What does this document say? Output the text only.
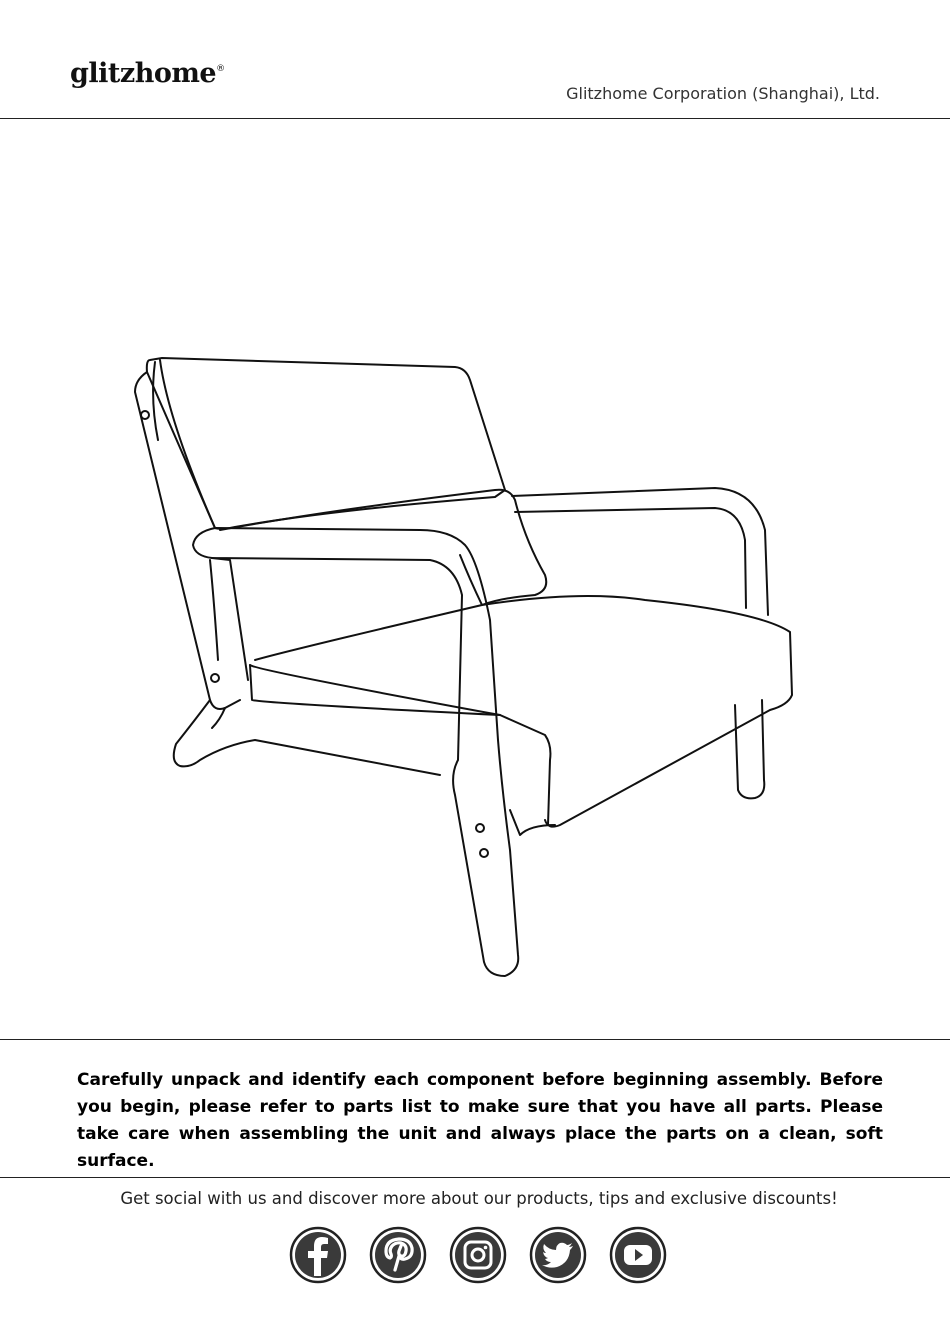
glitzhome®
Glitzhome Corporation (Shanghai), Ltd.
Carefully unpack and identify each component before beginning assembly. Before you begin, please refer to parts list to make sure that you have all parts. Please take care when assembling the unit and always place the parts on a clean, soft surface.
Get social with us and discover more about our products, tips and exclusive discounts!
